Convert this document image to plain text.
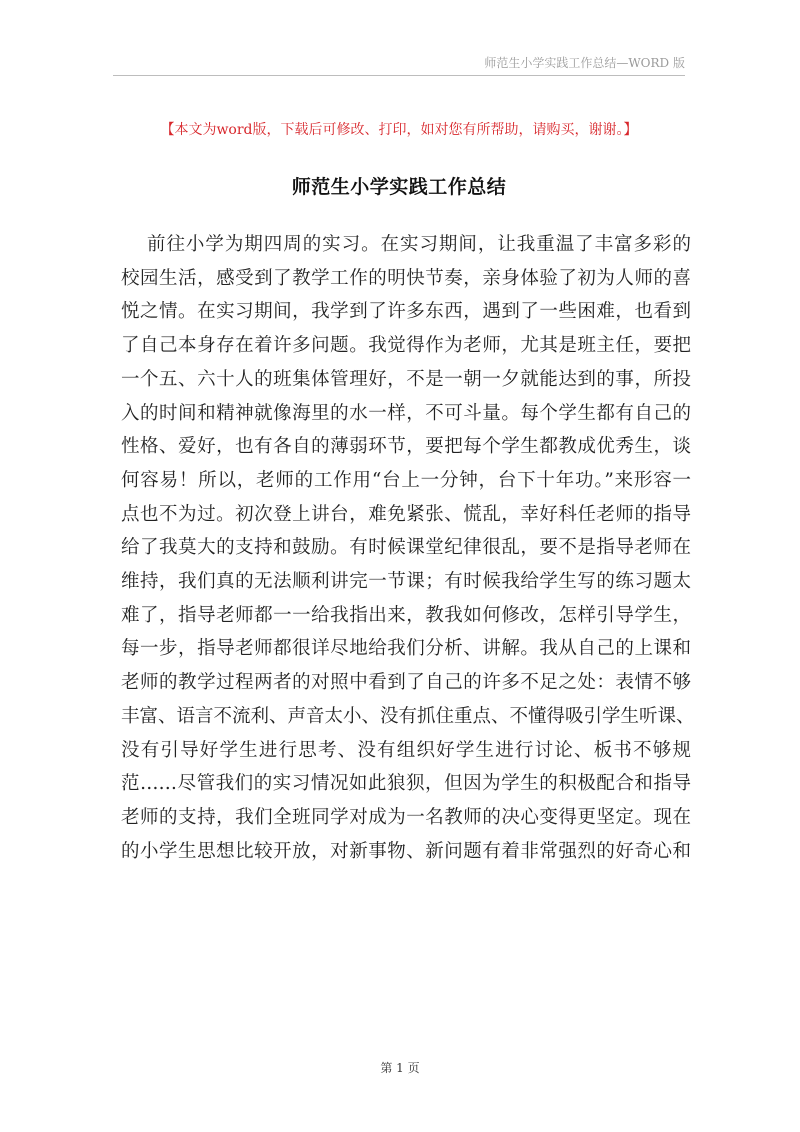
师范生小学实践工作总结—WORD 版
【本文为word版，下载后可修改、打印，如对您有所帮助，请购买，谢谢。】
师范生小学实践工作总结
前往小学为期四周的实习。在实习期间，让我重温了丰富多彩的
校园生活，感受到了教学工作的明快节奏，亲身体验了初为人师的喜
悦之情。在实习期间，我学到了许多东西，遇到了一些困难，也看到
了自己本身存在着许多问题。我觉得作为老师，尤其是班主任，要把
一个五、六十人的班集体管理好，不是一朝一夕就能达到的事，所投
入的时间和精神就像海里的水一样，不可斗量。每个学生都有自己的
性格、爱好，也有各自的薄弱环节，要把每个学生都教成优秀生，谈
何容易！所以，老师的工作用“台上一分钟，台下十年功。”来形容一
点也不为过。初次登上讲台，难免紧张、慌乱，幸好科任老师的指导
给了我莫大的支持和鼓励。有时候课堂纪律很乱，要不是指导老师在
维持，我们真的无法顺利讲完一节课；有时候我给学生写的练习题太
难了，指导老师都一一给我指出来，教我如何修改，怎样引导学生，
每一步，指导老师都很详尽地给我们分析、讲解。我从自己的上课和
老师的教学过程两者的对照中看到了自己的许多不足之处：表情不够
丰富、语言不流利、声音太小、没有抓住重点、不懂得吸引学生听课、
没有引导好学生进行思考、没有组织好学生进行讨论、板书不够规
范……尽管我们的实习情况如此狼狈，但因为学生的积极配合和指导
老师的支持，我们全班同学对成为一名教师的决心变得更坚定。现在
的小学生思想比较开放，对新事物、新问题有着非常强烈的好奇心和
第 1 页
